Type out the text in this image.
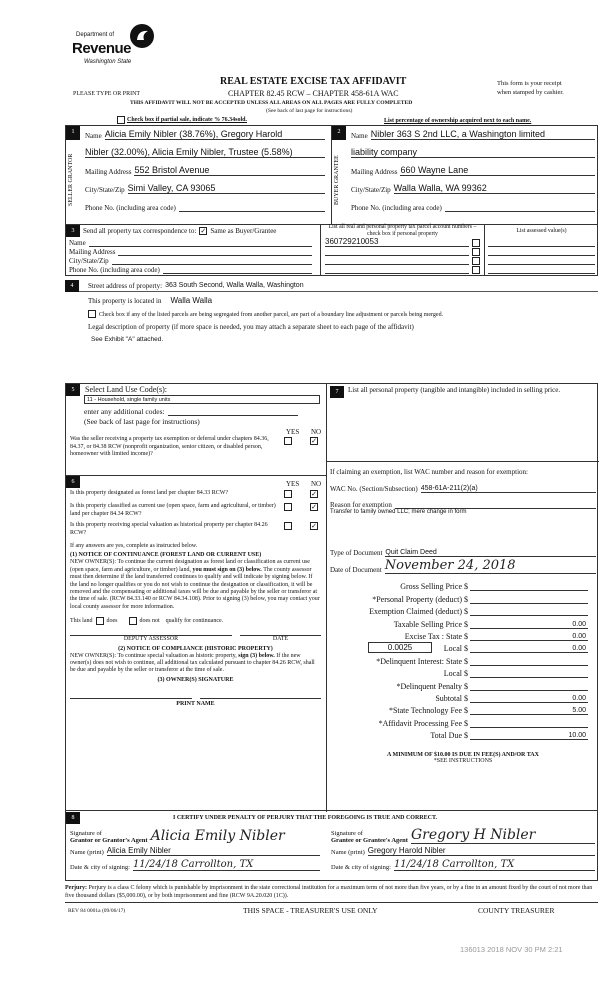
Department of
Revenue
Washington State
REAL ESTATE EXCISE TAX AFFIDAVIT
CHAPTER 82.45 RCW – CHAPTER 458-61A WAC
PLEASE TYPE OR PRINT
This form is your receipt
when stamped by cashier.
THIS AFFIDAVIT WILL NOT BE ACCEPTED UNLESS ALL AREAS ON ALL PAGES ARE FULLY COMPLETED
(See back of last page for instructions)
Check box if partial sale, indicate % 76.34sold.	List percentage of ownership acquired next to each name.
1
SELLER GRANTOR
Name Alicia Emily Nibler (38.76%), Gregory Harold
Nibler (32.00%), Alicia Emily Nibler, Trustee (5.58%)
Mailing Address 552 Bristol Avenue
City/State/Zip Simi Valley, CA 93065
Phone No. (including area code)
2
BUYER GRANTEE
Name Nibler 363 S 2nd LLC, a Washington limited
liability company
Mailing Address 660 Wayne Lane
City/State/Zip Walla Walla, WA 99362
Phone No. (including area code)
3	Send all property tax correspondence to: ✓ Same as Buyer/Grantee
Name
Mailing Address
City/State/Zip
Phone No. (including area code)
List all real and personal property tax parcel account numbers – check box if personal property
360729210053
List assessed value(s)
4	Street address of property: 363 South Second, Walla Walla, Washington
This property is located in Walla Walla
Check box if any of the listed parcels are being segregated from another parcel, are part of a boundary line adjustment or parcels being merged.
Legal description of property (if more space is needed, you may attach a separate sheet to each page of the affidavit)
See Exhibit "A" attached.
5	Select Land Use Code(s):
11 - Household, single family units
enter any additional codes:
(See back of last page for instructions)
YES NO
Was the seller receiving a property tax exemption or deferral under chapters 84.36, 84.37, or 84.38 RCW (nonprofit organization, senior citizen, or disabled person, homeowner with limited income)?
✓
6	YES NO
Is this property designated as forest land per chapter 84.33 RCW?	✓
Is this property classified as current use (open space, farm and agricultural, or timber) land per chapter 84.34 RCW?
✓
Is this property receiving special valuation as historical property per chapter 84.26 RCW?
✓
If any answers are yes, complete as instructed below.
(1) NOTICE OF CONTINUANCE (FOREST LAND OR CURRENT USE)
NEW OWNER(S): To continue the current designation as forest land or classification as current use (open space, farm and agriculture, or timber) land, you must sign on (3) below. The county assessor must then determine if the land transferred continues to qualify and will indicate by signing below. If the land no longer qualifies or you do not wish to continue the designation or classification, it will be removed and the compensating or additional taxes will be due and payable by the seller or transferor at the time of sale. (RCW 84.33.140 or RCW 84.34.108). Prior to signing (3) below, you may contact your local county assessor for more information.
This land does	does not qualify for continuance.
DEPUTY ASSESSOR	DATE
(2) NOTICE OF COMPLIANCE (HISTORIC PROPERTY)
NEW OWNER(S): To continue special valuation as historic property, sign (3) below. If the new owner(s) does not wish to continue, all additional tax calculated pursuant to chapter 84.26 RCW, shall be due and payable by the seller or transferor at the time of sale.
(3) OWNER(S) SIGNATURE
PRINT NAME
7	List all personal property (tangible and intangible) included in selling price.
If claiming an exemption, list WAC number and reason for exemption:
WAC No. (Section/Subsection) 458-61A-211(2)(a)
Reason for exemption
Transfer to family owned LLC; mere change in form
Type of Document Quit Claim Deed
Date of Document November 24, 2018
Gross Selling Price $
*Personal Property (deduct) $
Exemption Claimed (deduct) $
Taxable Selling Price $	0.00
Excise Tax : State $	0.00
0.0025	Local $	0.00
*Delinquent Interest: State $
Local $
*Delinquent Penalty $
Subtotal $	0.00
*State Technology Fee $	5.00
*Affidavit Processing Fee $
Total Due $	10.00
A MINIMUM OF $10.00 IS DUE IN FEE(S) AND/OR TAX
*SEE INSTRUCTIONS
8	I CERTIFY UNDER PENALTY OF PERJURY THAT THE FOREGOING IS TRUE AND CORRECT.
Signature of
Grantor or Grantor's Agent Alicia Emily Nibler
Name (print) Alicia Emily Nibler
Date & city of signing: 11/24/18 Carrollton, TX
Signature of
Grantee or Grantee's Agent Gregory H Nibler
Name (print) Gregory Harold Nibler
Date & city of signing: 11/24/18 Carrollton, TX
Perjury: Perjury is a class C felony which is punishable by imprisonment in the state correctional institution for a maximum term of not more than five years, or by a fine in an amount fixed by the court of not more than five thousand dollars ($5,000.00), or by both imprisonment and fine (RCW 9A.20.020 (1C)).
REV 84 0001a (09/06/17)	THIS SPACE - TREASURER'S USE ONLY	COUNTY TREASURER
136013 2018 NOV 30 PM 2:21
